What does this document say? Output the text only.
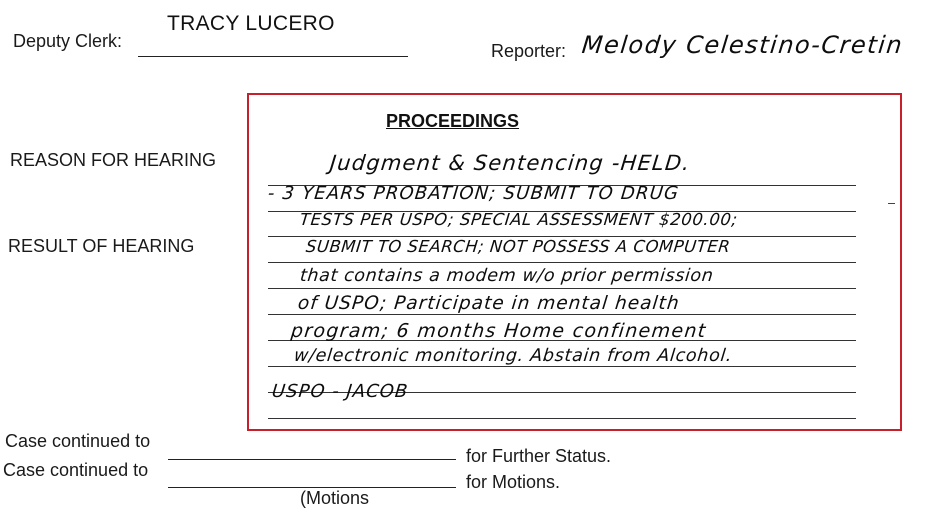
Deputy Clerk:
TRACY LUCERO
Reporter: Melody Celestino-Cretin
PROCEEDINGS
REASON FOR HEARING
RESULT OF HEARING
Judgment & Sentencing -HELD.
- 3 YEARS PROBATION; SUBMIT TO DRUG
TESTS PER USPO; SPECIAL ASSESSMENT $200.00;
SUBMIT TO SEARCH; NOT POSSESS A COMPUTER
that contains a modem w/o prior permission
of USPO; Participate in mental health
program; 6 months Home confinement
w/electronic monitoring. Abstain from Alcohol.
USPO - JACOB
Case continued to
for Further Status.
Case continued to
for Motions.
(Motions
